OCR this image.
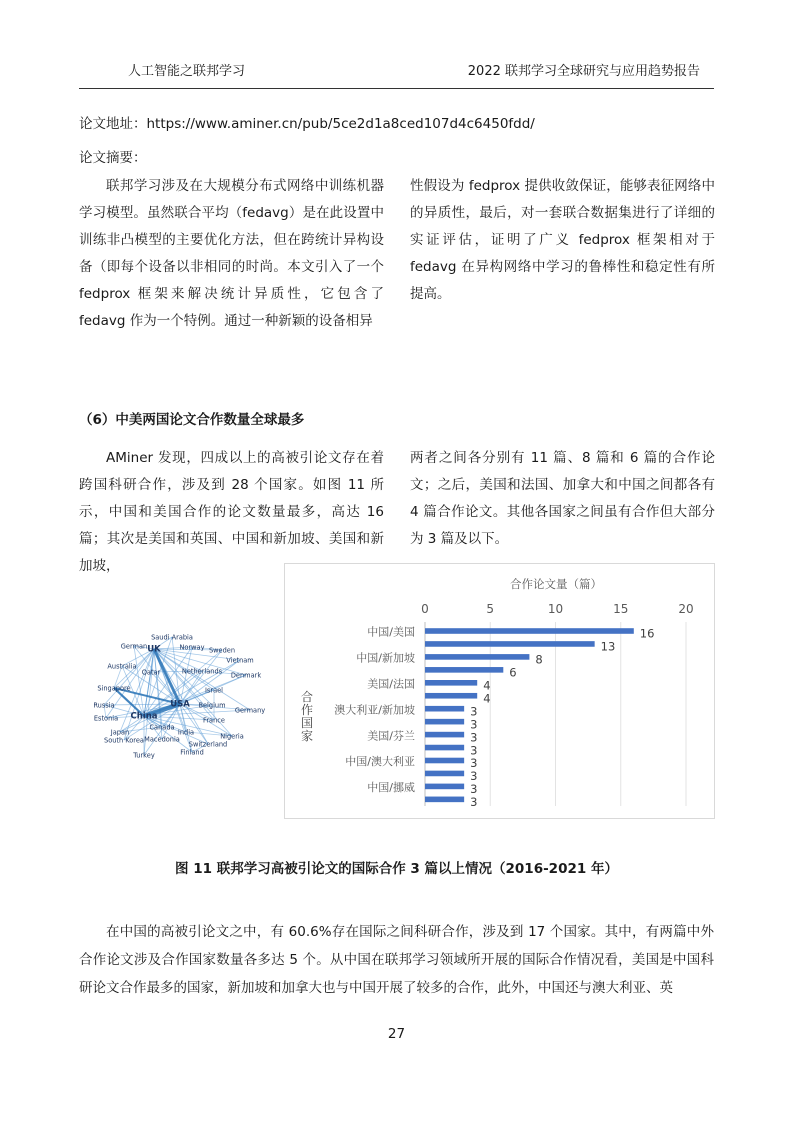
人工智能之联邦学习	2022 联邦学习全球研究与应用趋势报告
论文地址：https://www.aminer.cn/pub/5ce2d1a8ced107d4c6450fdd/
论文摘要：
联邦学习涉及在大规模分布式网络中训练机器学习模型。虽然联合平均（fedavg）是在此设置中训练非凸模型的主要优化方法，但在跨统计异构设备（即每个设备以非相同的时尚。本文引入了一个 fedprox 框架来解决统计异质性，它包含了 fedavg 作为一个特例。通过一种新颖的设备相异
性假设为 fedprox 提供收敛保证，能够表征网络中的异质性，最后，对一套联合数据集进行了详细的实证评估，证明了广义 fedprox 框架相对于 fedavg 在异构网络中学习的鲁棒性和稳定性有所提高。
（6）中美两国论文合作数量全球最多
AMiner 发现，四成以上的高被引论文存在着跨国科研合作，涉及到 28 个国家。如图 11 所示，中国和美国合作的论文数量最多，高达 16 篇；其次是美国和英国、中国和新加坡、美国和新加坡，
两者之间各分别有 11 篇、8 篇和 6 篇的合作论文；之后，美国和法国、加拿大和中国之间都各有 4 篇合作论文。其他各国家之间虽有合作但大部分为 3 篇及以下。
Saudi Arabia
German UK	Norway Sweden
Vietnam
Australia
Qatar	Netherlands Denmark
Singapore	Israel
Russia	USA Belgium
Germany
Estonia China	France
Japan
Canada
India	Nigeria
South Korea Macedonia
Switzerland
Turkey	Finland
合作论文量（篇）
0	5	10	15	20
16
中国/美国
13
8
中国/新加坡
6
4
美国/法国
4
3
澳大利亚/新加坡
3
3
美国/芬兰
3
3
中国/澳大利亚
3
3
中国/挪威
3
合
作
国
家
图 11 联邦学习高被引论文的国际合作 3 篇以上情况（2016-2021 年）
在中国的高被引论文之中，有 60.6%存在国际之间科研合作，涉及到 17 个国家。其中，有两篇中外合作论文涉及合作国家数量各多达 5 个。从中国在联邦学习领域所开展的国际合作情况看，美国是中国科研论文合作最多的国家，新加坡和加拿大也与中国开展了较多的合作，此外，中国还与澳大利亚、英
27
